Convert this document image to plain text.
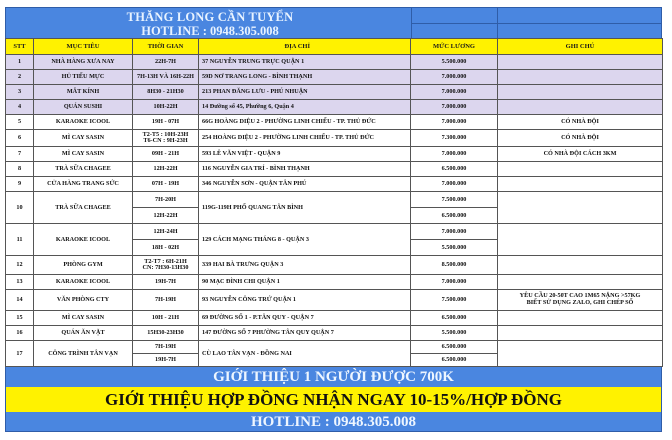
THĂNG LONG CẦN TUYỂN
HOTLINE : 0948.305.008
STT	MỤC TIÊU	THỜI GIAN	ĐỊA CHỈ	MỨC LƯƠNG	GHI CHÚ
1	NHÀ HÀNG XƯA NAY	22H-7H	37 NGUYỄN TRUNG TRỰC QUẬN 1	5.500.000	
2	HỦ TIẾU MỰC	7H-13H VÀ 16H-22H	59D NƠ TRANG LONG - BÌNH THẠNH	7.000.000	
3	MẮT KÍNH	8H30 - 21H30	213 PHAN ĐĂNG LƯU - PHÚ NHUẬN	7.000.000	
4	QUÁN SUSHI	10H-22H	14 Đường số 45, Phường 6, Quận 4	7.000.000	
5	KARAOKE ICOOL	19H - 07H	66G HOÀNG DIỆU 2 - PHƯỜNG LINH CHIỂU - TP. THỦ ĐỨC	7.000.000	CÓ NHÀ ĐỘI
6	MÌ CAY SASIN	T2-T5 : 10H-23H
T6-CN : 9H-23H	254 HOÀNG DIỆU 2 - PHƯỜNG LINH CHIỂU - TP. THỦ ĐỨC	7.300.000	CÓ NHÀ ĐỘI
7	MÌ CAY SASIN	09H - 21H	593 LÊ VĂN VIỆT - QUẬN 9	7.000.000	CÓ NHÀ ĐỘI CÁCH 3KM
8	TRÀ SỮA CHAGEE	12H-22H	116 NGUYỄN GIA TRÍ - BÌNH THẠNH	6.500.000	
9	CỬA HÀNG TRANG SỨC	07H - 19H	346 NGUYỄN SƠN - QUẬN TÂN PHÚ	7.000.000	
10	TRÀ SỮA CHAGEE	7H-20H	119G-119H PHỔ QUANG TÂN BÌNH	7.500.000	
		12H-22H		6.500.000	
11	KARAOKE ICOOL	12H-24H	129 CÁCH MẠNG THÁNG 8 - QUẬN 3	7.000.000	
		18H - 02H		5.500.000	
12	PHÒNG GYM	T2-T7 : 6H-21H
CN: 7H30-13H30	339 HAI BÀ TRƯNG QUẬN 3	8.500.000	
13	KARAOKE ICOOL	19H-7H	90 MẠC ĐÌNH CHI QUẬN 1	7.000.000	
14	VĂN PHÒNG CTY	7H-19H	93 NGUYỄN CÔNG TRỨ QUẬN 1	7.500.000	YÊU CẦU 20-50T CAO 1M65 NẶNG >57KG BIẾT SỬ DỤNG ZALO, GHI CHÉP SỔ
15	MÌ CAY SASIN	10H - 21H	69 ĐƯỜNG SỐ 1 - P.TÂN QUY - QUẬN 7	6.500.000	
16	QUÁN ĂN VẶT	15H30-23H30	147 ĐƯỜNG SỐ 7 PHƯỜNG TÂN QUY QUẬN 7	5.500.000	
17	CÔNG TRÌNH TÂN VẠN	7H-19H	CÙ LAO TÂN VẠN - ĐỒNG NAI	6.500.000	
		19H-7H		6.500.000	
GIỚI THIỆU 1 NGƯỜI ĐƯỢC 700K
GIỚI THIỆU HỢP ĐỒNG NHẬN NGAY 10-15%/HỢP ĐỒNG
HOTLINE : 0948.305.008
